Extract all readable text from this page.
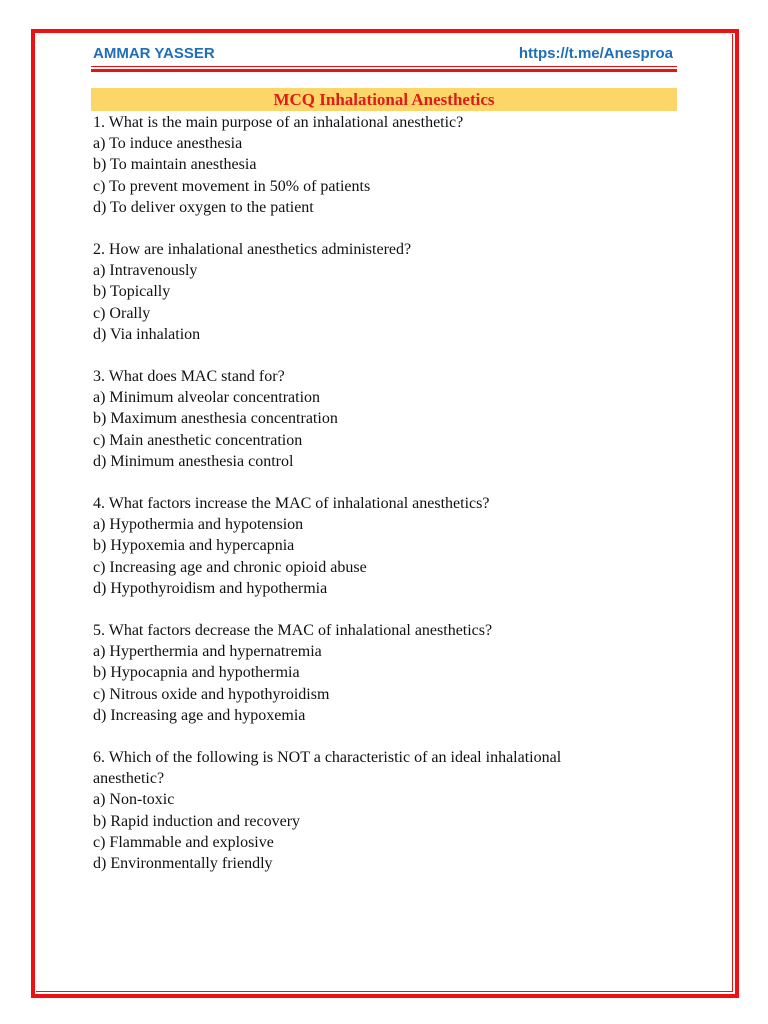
AMMAR YASSER	https://t.me/Anesproa
MCQ Inhalational Anesthetics

1. What is the main purpose of an inhalational anesthetic?

a) To induce anesthesia

b) To maintain anesthesia

c) To prevent movement in 50% of patients

d) To deliver oxygen to the patient

2. How are inhalational anesthetics administered?

a) Intravenously

b) Topically

c) Orally

d) Via inhalation

3. What does MAC stand for?

a) Minimum alveolar concentration

b) Maximum anesthesia concentration

c) Main anesthetic concentration

d) Minimum anesthesia control

4. What factors increase the MAC of inhalational anesthetics?

a) Hypothermia and hypotension

b) Hypoxemia and hypercapnia

c) Increasing age and chronic opioid abuse

d) Hypothyroidism and hypothermia

5. What factors decrease the MAC of inhalational anesthetics?

a) Hyperthermia and hypernatremia

b) Hypocapnia and hypothermia

c) Nitrous oxide and hypothyroidism

d) Increasing age and hypoxemia

6. Which of the following is NOT a characteristic of an ideal inhalational anesthetic?

a) Non-toxic

b) Rapid induction and recovery

c) Flammable and explosive

d) Environmentally friendly
